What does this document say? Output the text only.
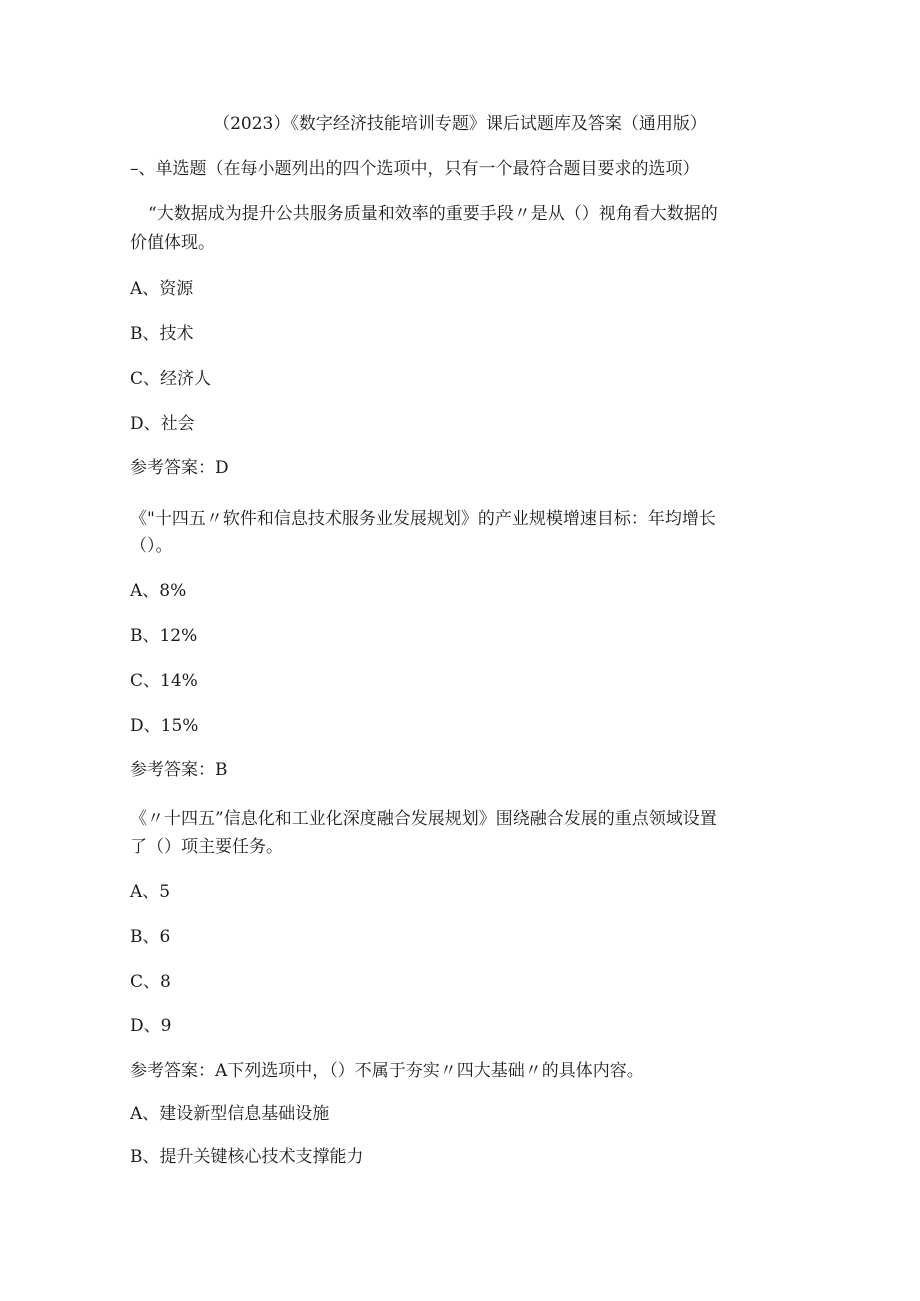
（2023）《数字经济技能培训专题》课后试题库及答案（通用版）
–、单选题（在每小题列出的四个选项中，只有一个最符合题目要求的选项）
“大数据成为提升公共服务质量和效率的重要手段〃是从（）视角看大数据的
价值体现。
A、资源
B、技术
C、经济人
D、社会
参考答案：D
《"十四五〃软件和信息技术服务业发展规划》的产业规模增速目标：年均增长
（）。
A、8%
B、12%
C、14%
D、15%
参考答案：B
《〃十四五”信息化和工业化深度融合发展规划》围绕融合发展的重点领域设置
了（）项主要任务。
A、5
B、6
C、8
D、9
参考答案：A下列选项中，（）不属于夯实〃四大基础〃的具体内容。
A、建设新型信息基础设施
B、提升关键核心技术支撑能力
